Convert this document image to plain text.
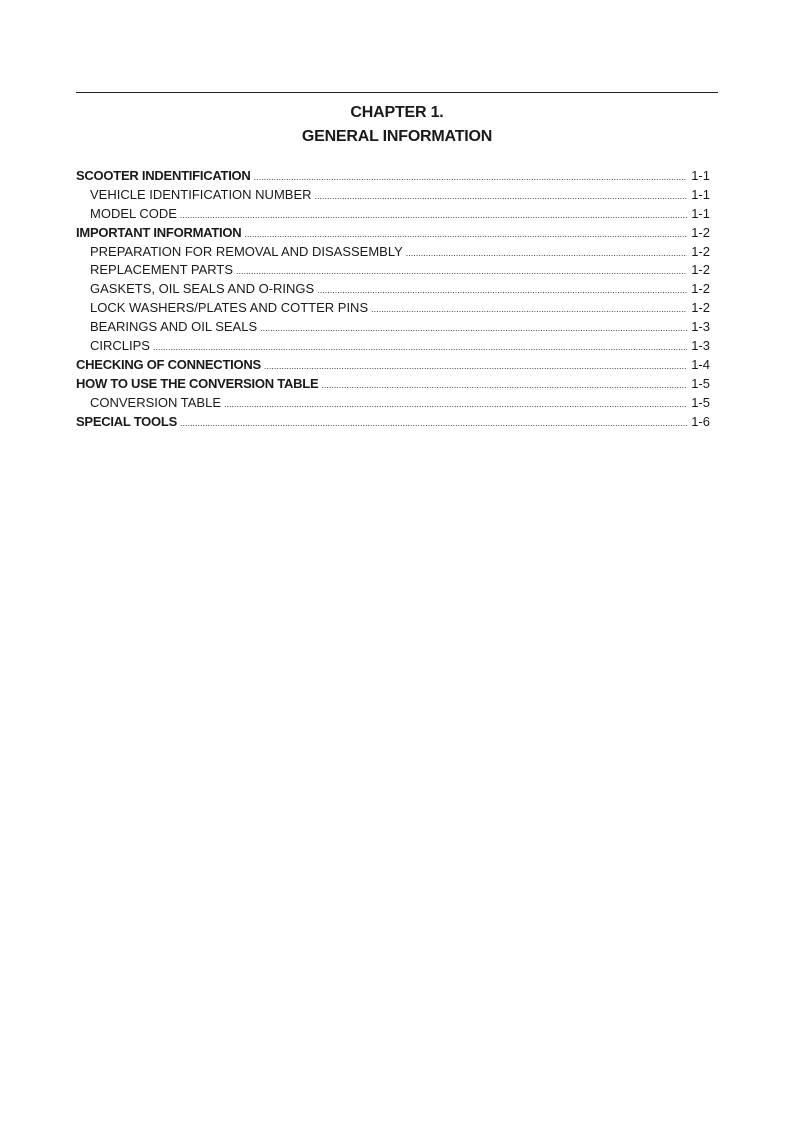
CHAPTER 1.
GENERAL INFORMATION
SCOOTER INDENTIFICATION .....	1-1
VEHICLE IDENTIFICATION NUMBER .....	1-1
MODEL CODE .....	1-1
IMPORTANT INFORMATION .....	1-2
PREPARATION FOR REMOVAL AND DISASSEMBLY .....	1-2
REPLACEMENT PARTS .....	1-2
GASKETS, OIL SEALS AND O-RINGS .....	1-2
LOCK WASHERS/PLATES AND COTTER PINS .....	1-2
BEARINGS AND OIL SEALS .....	1-3
CIRCLIPS .....	1-3
CHECKING OF CONNECTIONS .....	1-4
HOW TO USE THE CONVERSION TABLE .....	1-5
CONVERSION TABLE .....	1-5
SPECIAL TOOLS .....	1-6
